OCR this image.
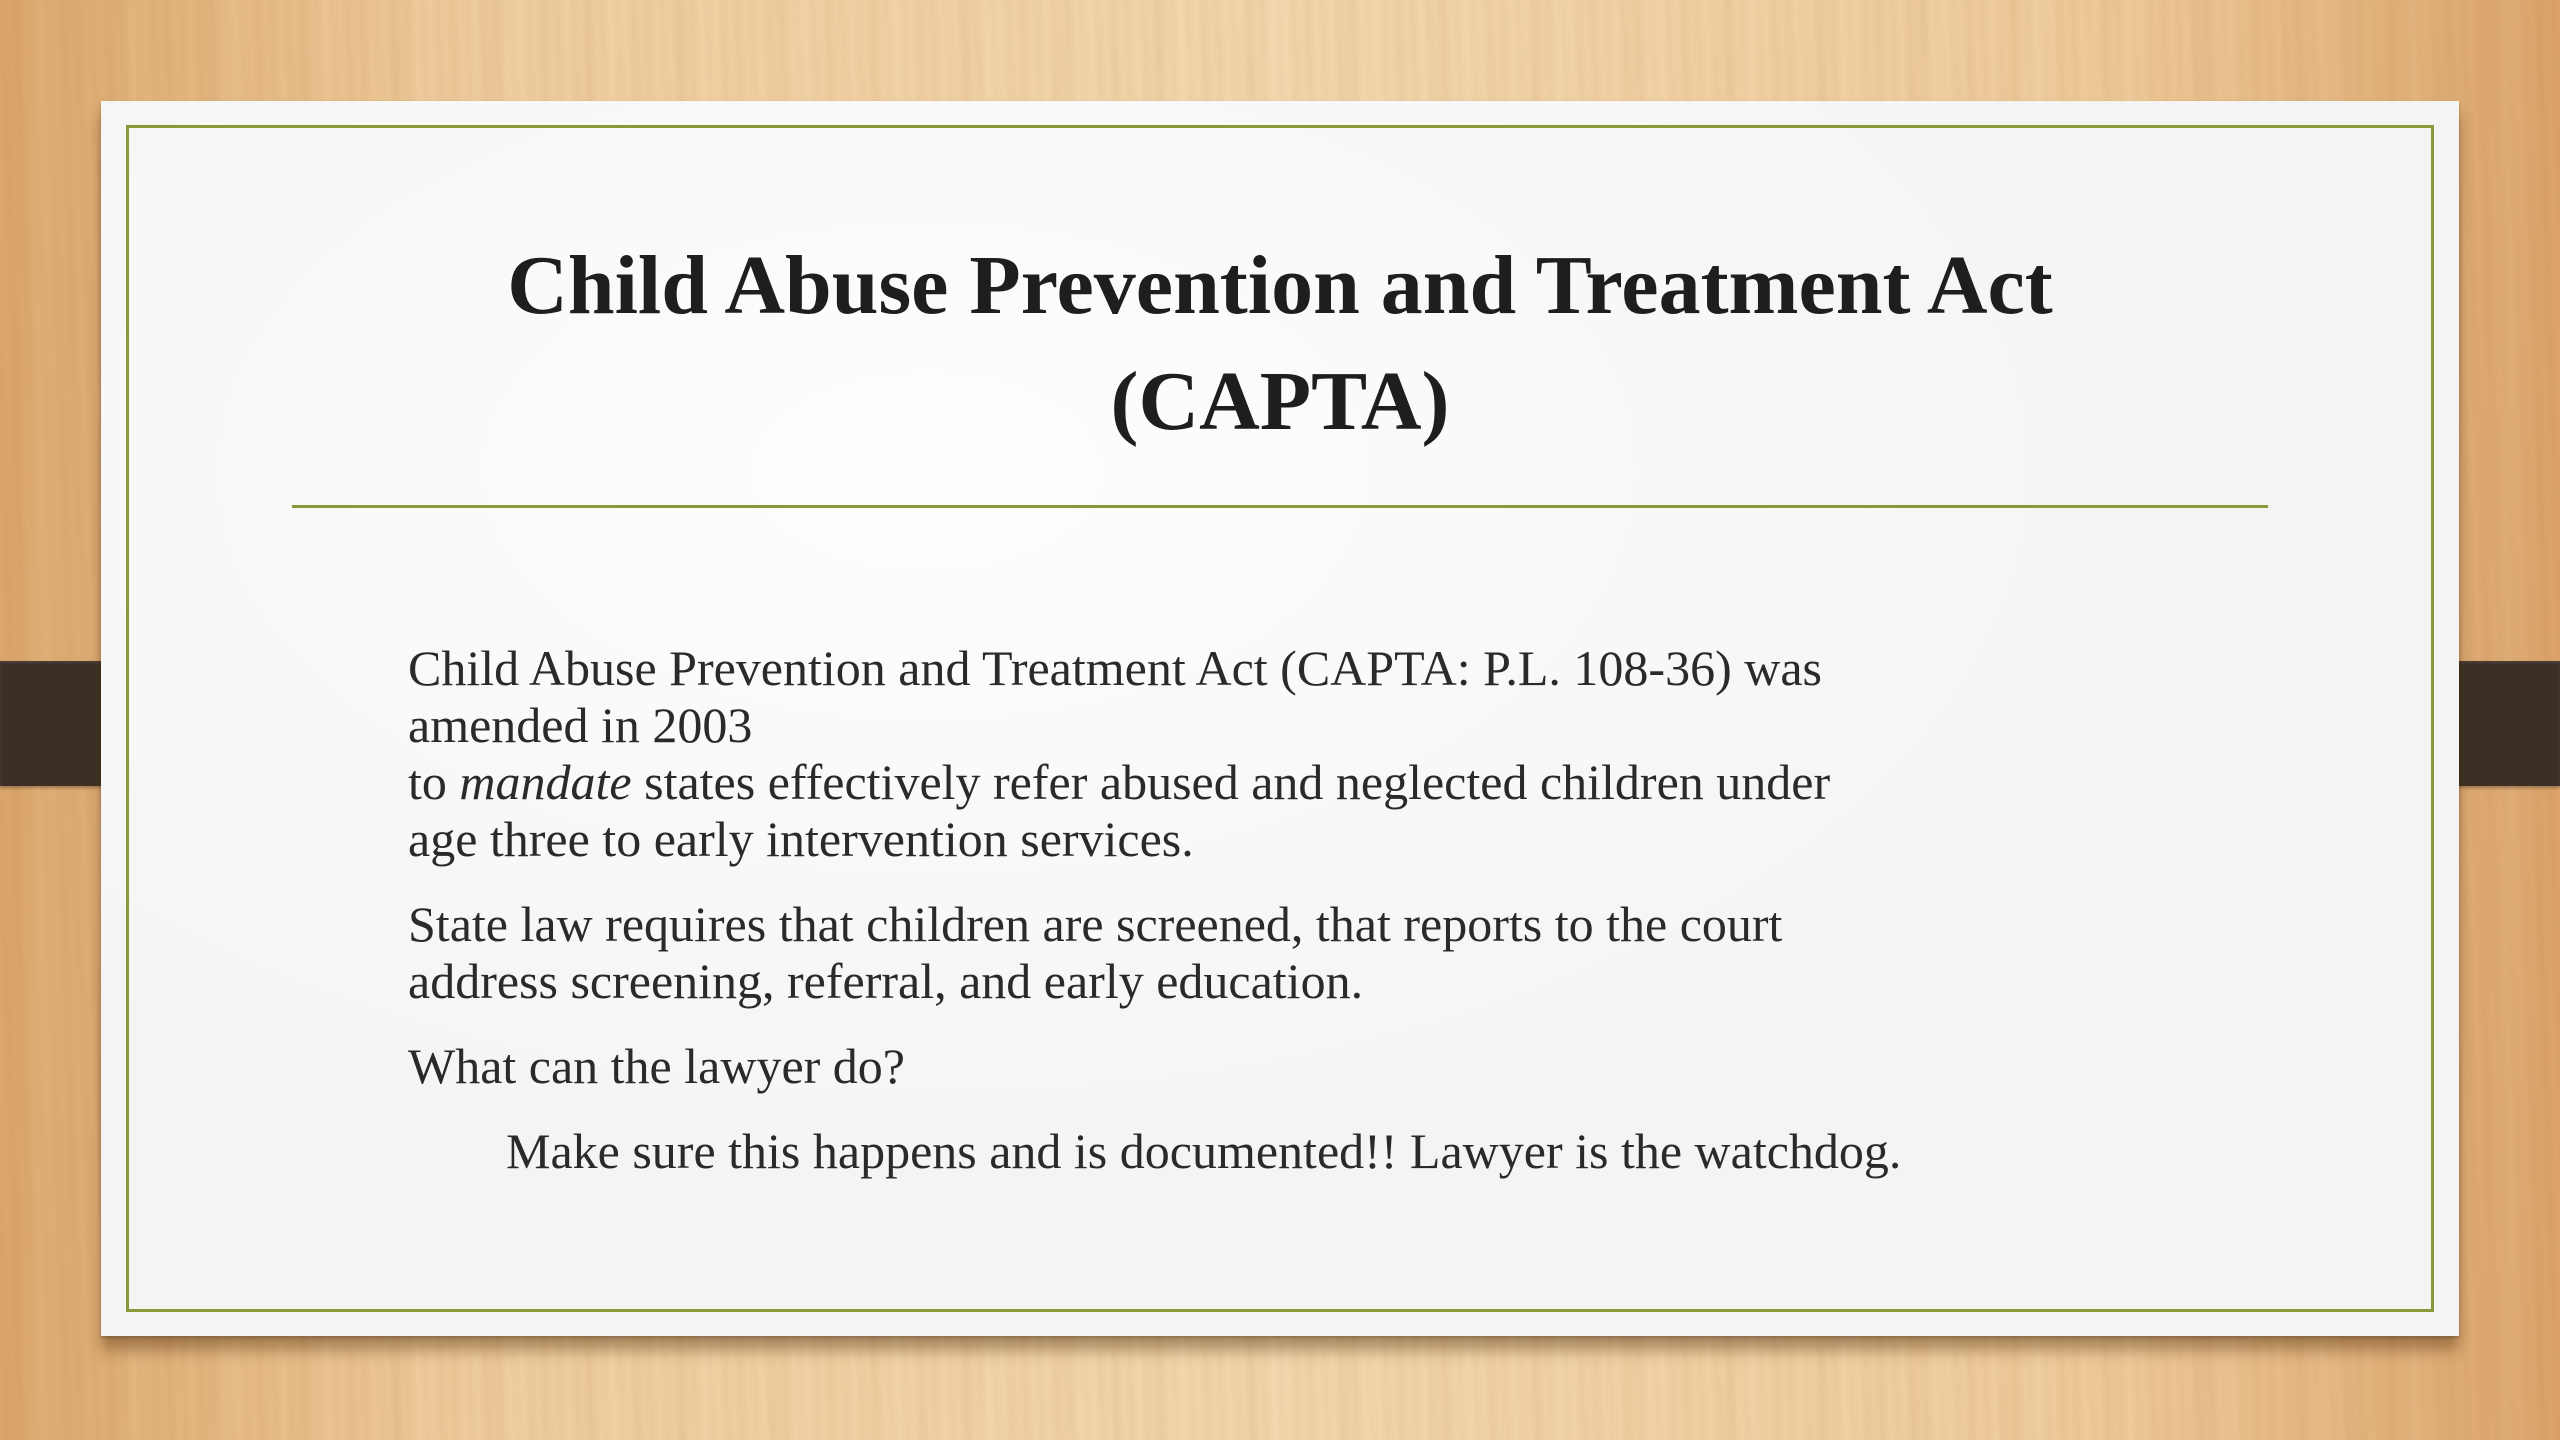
Child Abuse Prevention and Treatment Act
(CAPTA)

Child Abuse Prevention and Treatment Act (CAPTA: P.L. 108-36) was
amended in 2003
to mandate states effectively refer abused and neglected children under
age three to early intervention services.

State law requires that children are screened, that reports to the court
address screening, referral, and early education.

What can the lawyer do?

Make sure this happens and is documented!! Lawyer is the watchdog.
